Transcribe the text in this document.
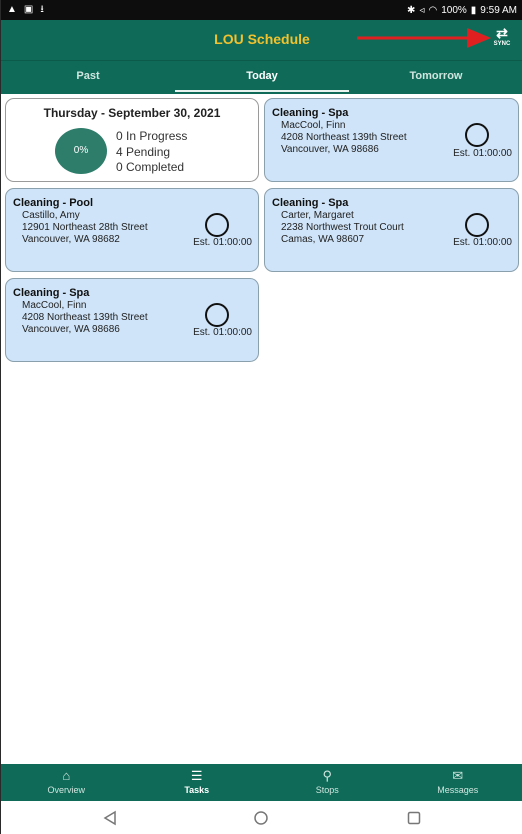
▲ ▣ ⭳	✱ ◃ ◠ 100% ▮ 9:59 AM
LOU Schedule	⇄
SYNC
Past	Today	Tomorrow
Thursday - September 30, 2021
0%
0 In Progress
4 Pending
0 Completed
Cleaning - Spa
MacCool, Finn
4208 Northeast 139th Street
Vancouver, WA 98686	Est. 01:00:00
Cleaning - Pool
Castillo, Amy
12901 Northeast 28th Street
Vancouver, WA 98682	Est. 01:00:00
Cleaning - Spa
Carter, Margaret
2238 Northwest Trout Court
Camas, WA 98607	Est. 01:00:00
Cleaning - Spa
MacCool, Finn
4208 Northeast 139th Street
Vancouver, WA 98686	Est. 01:00:00
⌂
Overview
☰
Tasks
⚲
Stops
✉
Messages
